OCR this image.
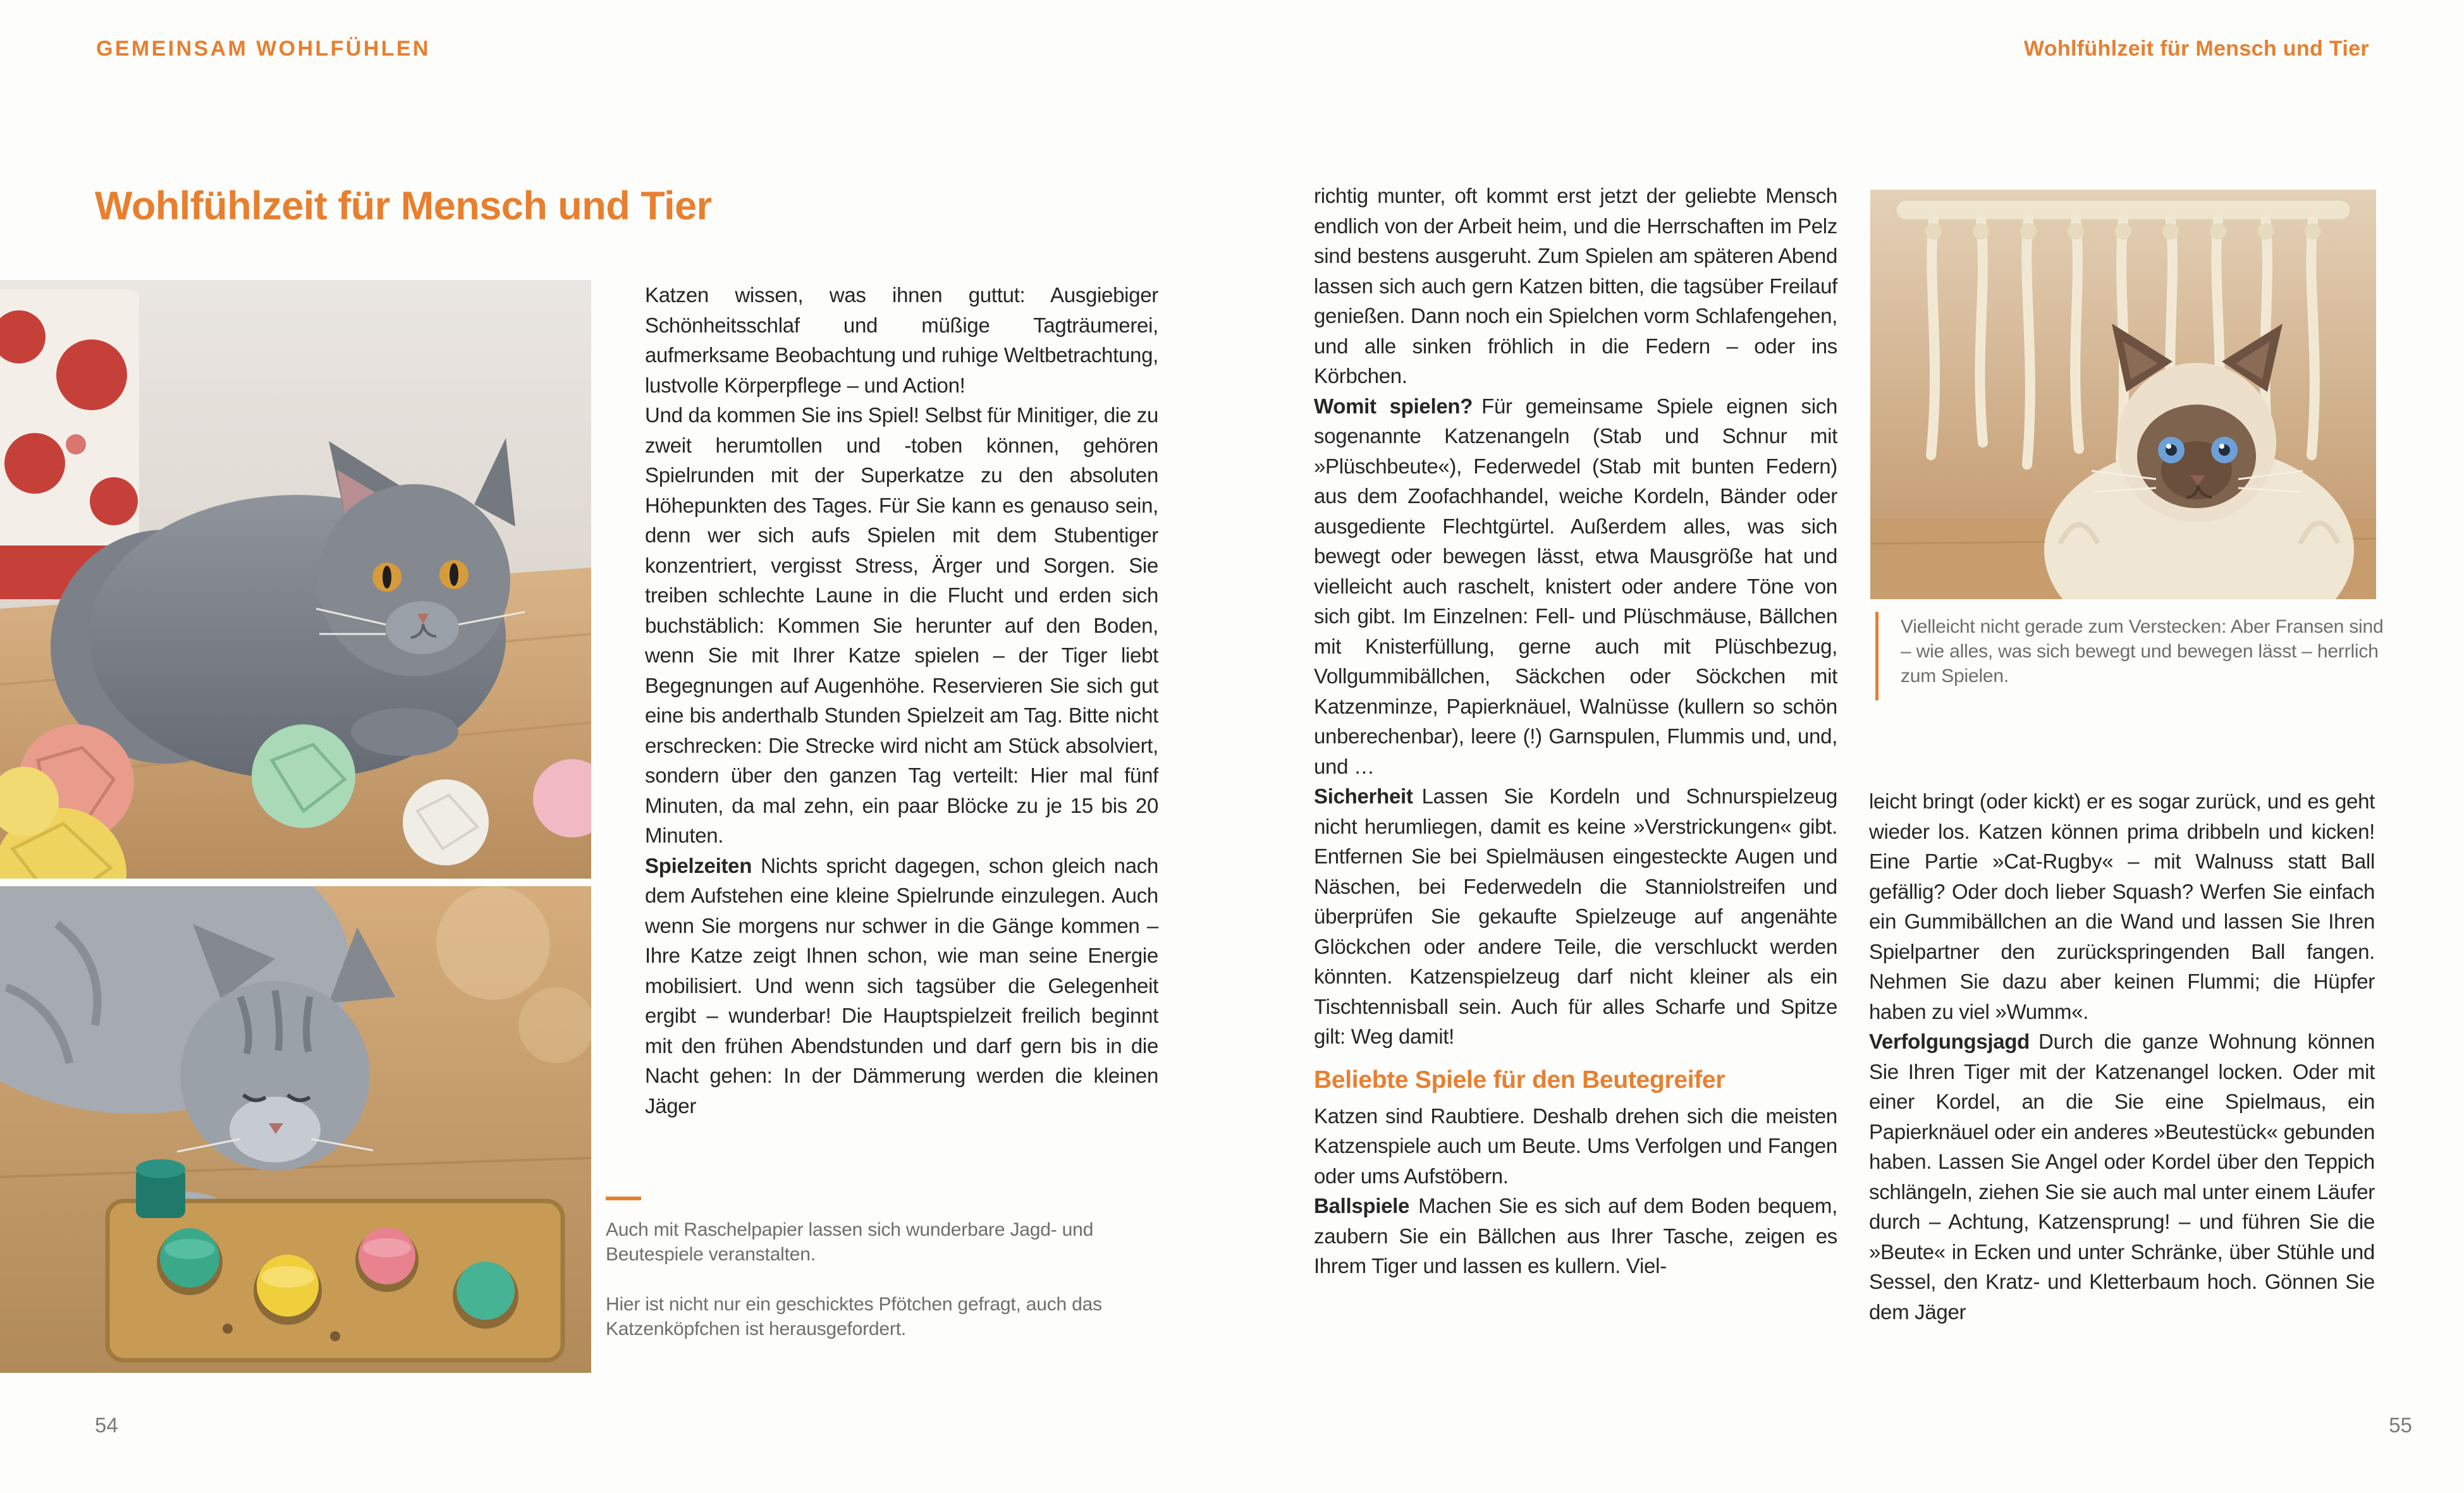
GEMEINSAM WOHLFÜHLEN	Wohlfühlzeit für Mensch und Tier
Wohlfühlzeit für Mensch und Tier

Katzen wissen, was ihnen guttut: Ausgiebiger Schönheitsschlaf und müßige Tagträumerei, aufmerksame Beobachtung und ruhige Weltbetrachtung, lustvolle Körperpflege – und Action!

Und da kommen Sie ins Spiel! Selbst für Minitiger, die zu zweit herumtollen und -toben können, gehören Spielrunden mit der Superkatze zu den absoluten Höhepunkten des Tages. Für Sie kann es genauso sein, denn wer sich aufs Spielen mit dem Stubentiger konzentriert, vergisst Stress, Ärger und Sorgen. Sie treiben schlechte Laune in die Flucht und erden sich buchstäblich: Kommen Sie herunter auf den Boden, wenn Sie mit Ihrer Katze spielen – der Tiger liebt Begegnungen auf Augenhöhe. Reservieren Sie sich gut eine bis anderthalb Stunden Spielzeit am Tag. Bitte nicht erschrecken: Die Strecke wird nicht am Stück absolviert, sondern über den ganzen Tag verteilt: Hier mal fünf Minuten, da mal zehn, ein paar Blöcke zu je 15 bis 20 Minuten.

Spielzeiten Nichts spricht dagegen, schon gleich nach dem Aufstehen eine kleine Spielrunde einzulegen. Auch wenn Sie morgens nur schwer in die Gänge kommen – Ihre Katze zeigt Ihnen schon, wie man seine Energie mobilisiert. Und wenn sich tagsüber die Gelegenheit ergibt – wunderbar! Die Hauptspielzeit freilich beginnt mit den frühen Abendstunden und darf gern bis in die Nacht gehen: In der Dämmerung werden die kleinen Jäger

Auch mit Raschelpapier lassen sich wunderbare Jagd- und Beutespiele veranstalten.
Hier ist nicht nur ein geschicktes Pfötchen gefragt, auch das Katzenköpfchen ist herausgefordert.
Vielleicht nicht gerade zum Verstecken: Aber Fransen sind – wie alles, was sich bewegt und bewegen lässt – herrlich zum Spielen.

richtig munter, oft kommt erst jetzt der geliebte Mensch endlich von der Arbeit heim, und die Herrschaften im Pelz sind bestens ausgeruht. Zum Spielen am späteren Abend lassen sich auch gern Katzen bitten, die tagsüber Freilauf genießen. Dann noch ein Spielchen vorm Schlafengehen, und alle sinken fröhlich in die Federn – oder ins Körbchen.

Womit spielen? Für gemeinsame Spiele eignen sich sogenannte Katzenangeln (Stab und Schnur mit »Plüschbeute«), Federwedel (Stab mit bunten Federn) aus dem Zoofachhandel, weiche Kordeln, Bänder oder ausgediente Flechtgürtel. Außerdem alles, was sich bewegt oder bewegen lässt, etwa Mausgröße hat und vielleicht auch raschelt, knistert oder andere Töne von sich gibt. Im Einzelnen: Fell- und Plüschmäuse, Bällchen mit Knisterfüllung, gerne auch mit Plüschbezug, Vollgummibällchen, Säckchen oder Söckchen mit Katzenminze, Papierknäuel, Walnüsse (kullern so schön unberechenbar), leere (!) Garnspulen, Flummis und, und, und …

Sicherheit Lassen Sie Kordeln und Schnurspielzeug nicht herumliegen, damit es keine »Verstrickungen« gibt. Entfernen Sie bei Spielmäusen eingesteckte Augen und Näschen, bei Federwedeln die Stanniolstreifen und überprüfen Sie gekaufte Spielzeuge auf angenähte Glöckchen oder andere Teile, die verschluckt werden könnten. Katzenspielzeug darf nicht kleiner als ein Tischtennisball sein. Auch für alles Scharfe und Spitze gilt: Weg damit!

Beliebte Spiele für den Beutegreifer

Katzen sind Raubtiere. Deshalb drehen sich die meisten Katzenspiele auch um Beute. Ums Verfolgen und Fangen oder ums Aufstöbern.

Ballspiele Machen Sie es sich auf dem Boden bequem, zaubern Sie ein Bällchen aus Ihrer Tasche, zeigen es Ihrem Tiger und lassen es kullern. Viel-

leicht bringt (oder kickt) er es sogar zurück, und es geht wieder los. Katzen können prima dribbeln und kicken! Eine Partie »Cat-Rugby« – mit Walnuss statt Ball gefällig? Oder doch lieber Squash? Werfen Sie einfach ein Gummibällchen an die Wand und lassen Sie Ihren Spielpartner den zurückspringenden Ball fangen. Nehmen Sie dazu aber keinen Flummi; die Hüpfer haben zu viel »Wumm«.

Verfolgungsjagd Durch die ganze Wohnung können Sie Ihren Tiger mit der Katzenangel locken. Oder mit einer Kordel, an die Sie eine Spielmaus, ein Papierknäuel oder ein anderes »Beutestück« gebunden haben. Lassen Sie Angel oder Kordel über den Teppich schlängeln, ziehen Sie sie auch mal unter einem Läufer durch – Achtung, Katzensprung! – und führen Sie die »Beute« in Ecken und unter Schränke, über Stühle und Sessel, den Kratz- und Kletterbaum hoch. Gönnen Sie dem Jäger

54	55
